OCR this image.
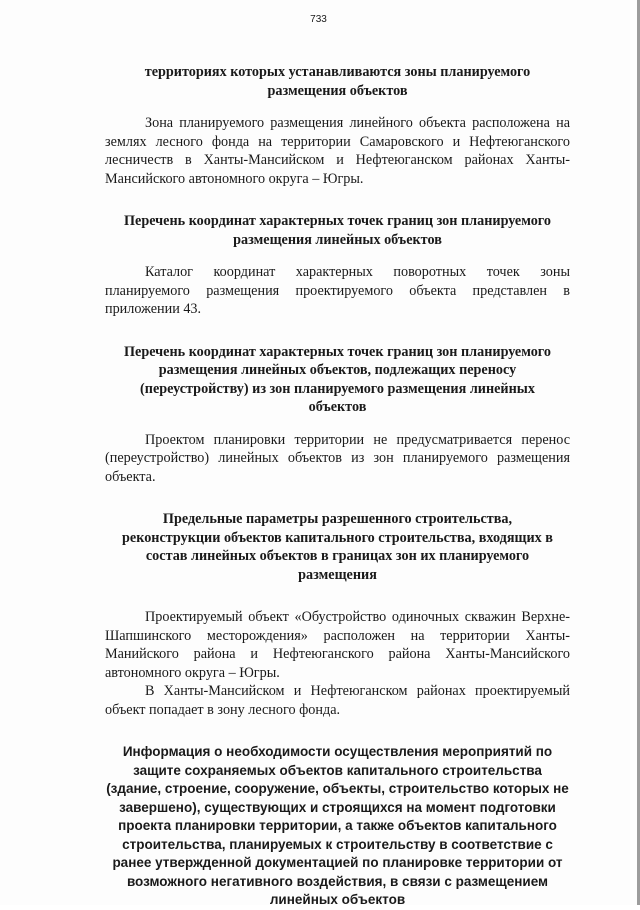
733

территориях которых устанавливаются зоны планируемого размещения объектов

Зона планируемого размещения линейного объекта расположена на землях лесного фонда на территории Самаровского и Нефтеюганского лесничеств в Ханты-Мансийском и Нефтеюганском районах Ханты-Мансийского автономного округа – Югры.

Перечень координат характерных точек границ зон планируемого размещения линейных объектов

Каталог координат характерных поворотных точек зоны планируемого размещения проектируемого объекта представлен в приложении 43.

Перечень координат характерных точек границ зон планируемого размещения линейных объектов, подлежащих переносу (переустройству) из зон планируемого размещения линейных объектов

Проектом планировки территории не предусматривается перенос (переустройство) линейных объектов из зон планируемого размещения объекта.

Предельные параметры разрешенного строительства, реконструкции объектов капитального строительства, входящих в состав линейных объектов в границах зон их планируемого размещения

Проектируемый объект «Обустройство одиночных скважин Верхне-Шапшинского месторождения» расположен на территории Ханты-Манийского района и Нефтеюганского района Ханты-Мансийского автономного округа – Югры.

В Ханты-Мансийском и Нефтеюганском районах проектируемый объект попадает в зону лесного фонда.

Информация о необходимости осуществления мероприятий по защите сохраняемых объектов капитального строительства (здание, строение, сооружение, объекты, строительство которых не завершено), существующих и строящихся на момент подготовки проекта планировки территории, а также объектов капитального строительства, планируемых к строительству в соответствие с ранее утвержденной документацией по планировке территории от возможного негативного воздействия, в связи с размещением линейных объектов
